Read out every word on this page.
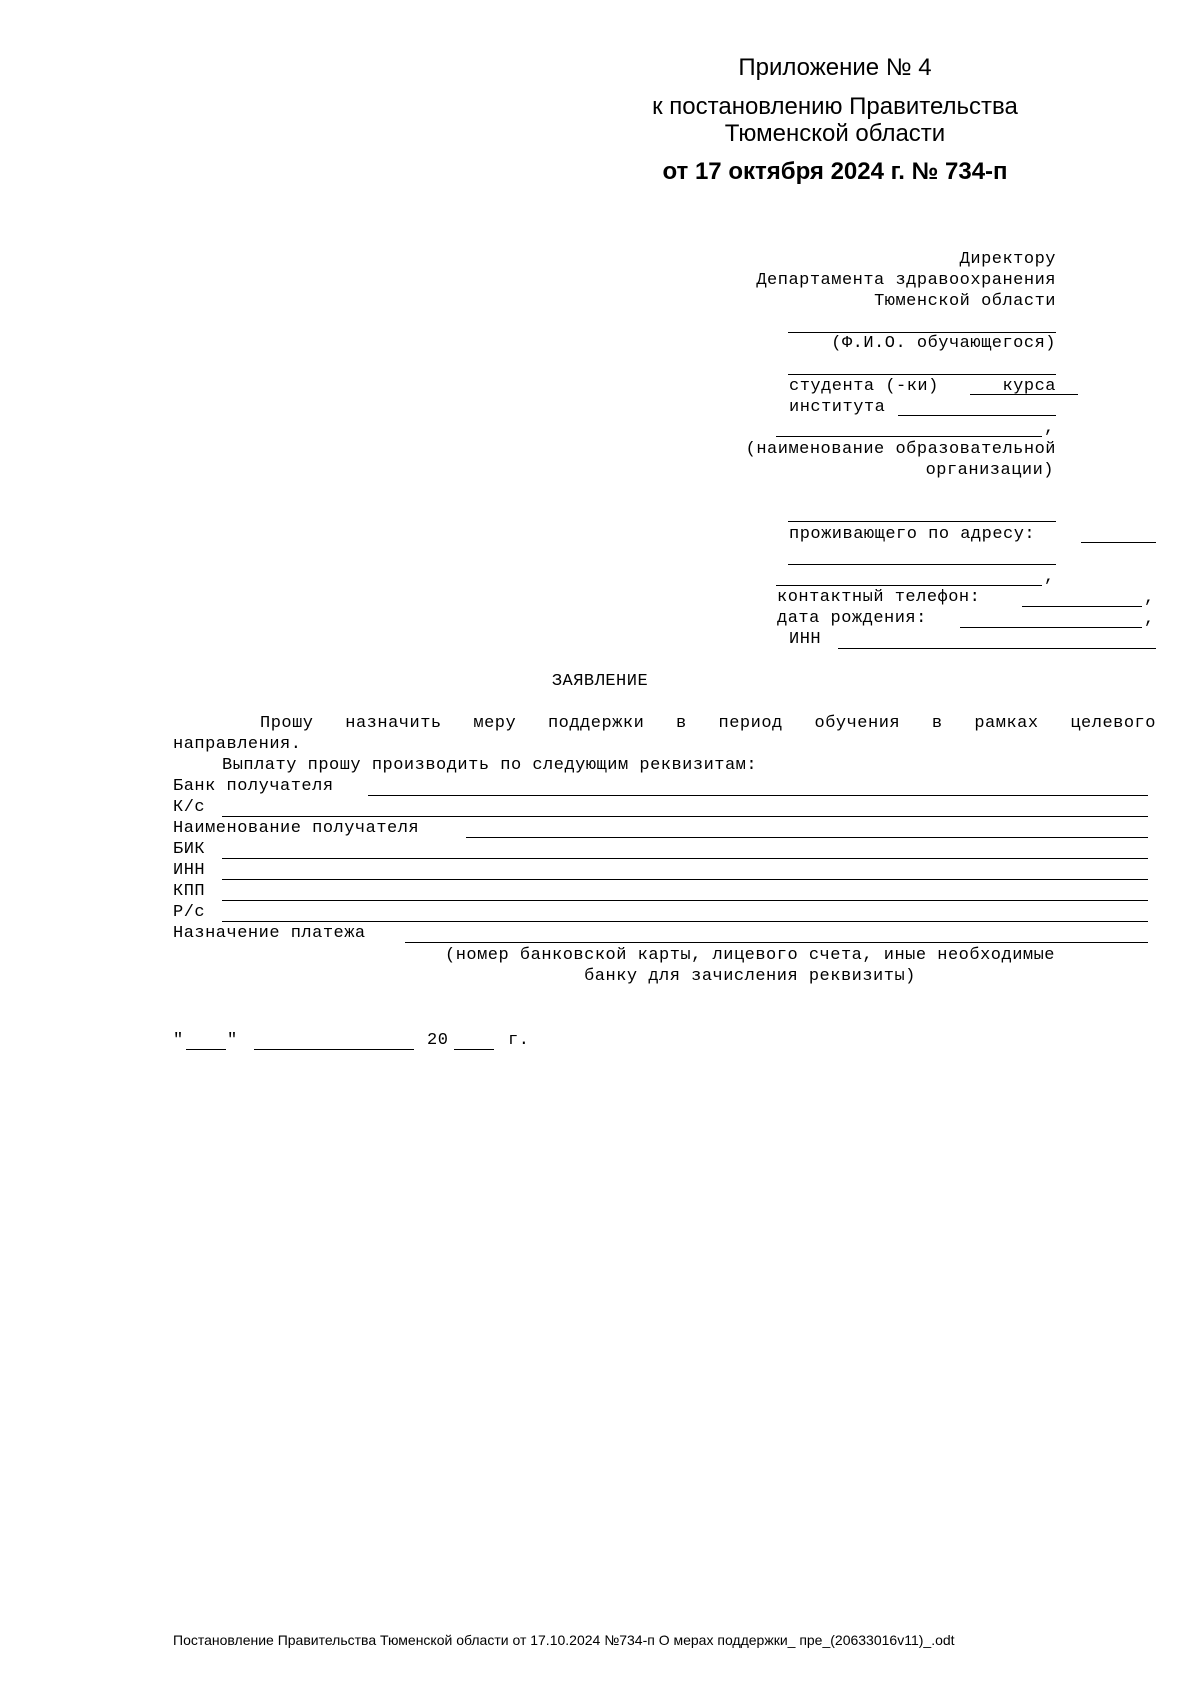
Приложение № 4
к постановлению Правительства
Тюменской области
от 17 октября 2024 г. № 734-п
Директору
Департамента здравоохранения
Тюменской области
(Ф.И.О. обучающегося)
студента (-ки)	курса
института
,
(наименование образовательной
организации)
проживающего по адресу:
,
контактный телефон:	,
дата рождения:	,
ИНН
ЗАЯВЛЕНИЕ
Прошу назначить меру поддержки в период обучения в рамках целевого
направления.
Выплату прошу производить по следующим реквизитам:
Банк получателя
К/с
Наименование получателя
БИК
ИНН
КПП
Р/с
Назначение платежа
(номер банковской карты, лицевого счета, иные необходимые
банку для зачисления реквизиты)
"	"	20	г.
Постановление Правительства Тюменской области от 17.10.2024 №734-п О мерах поддержки_ пре_(20633016v11)_.odt
